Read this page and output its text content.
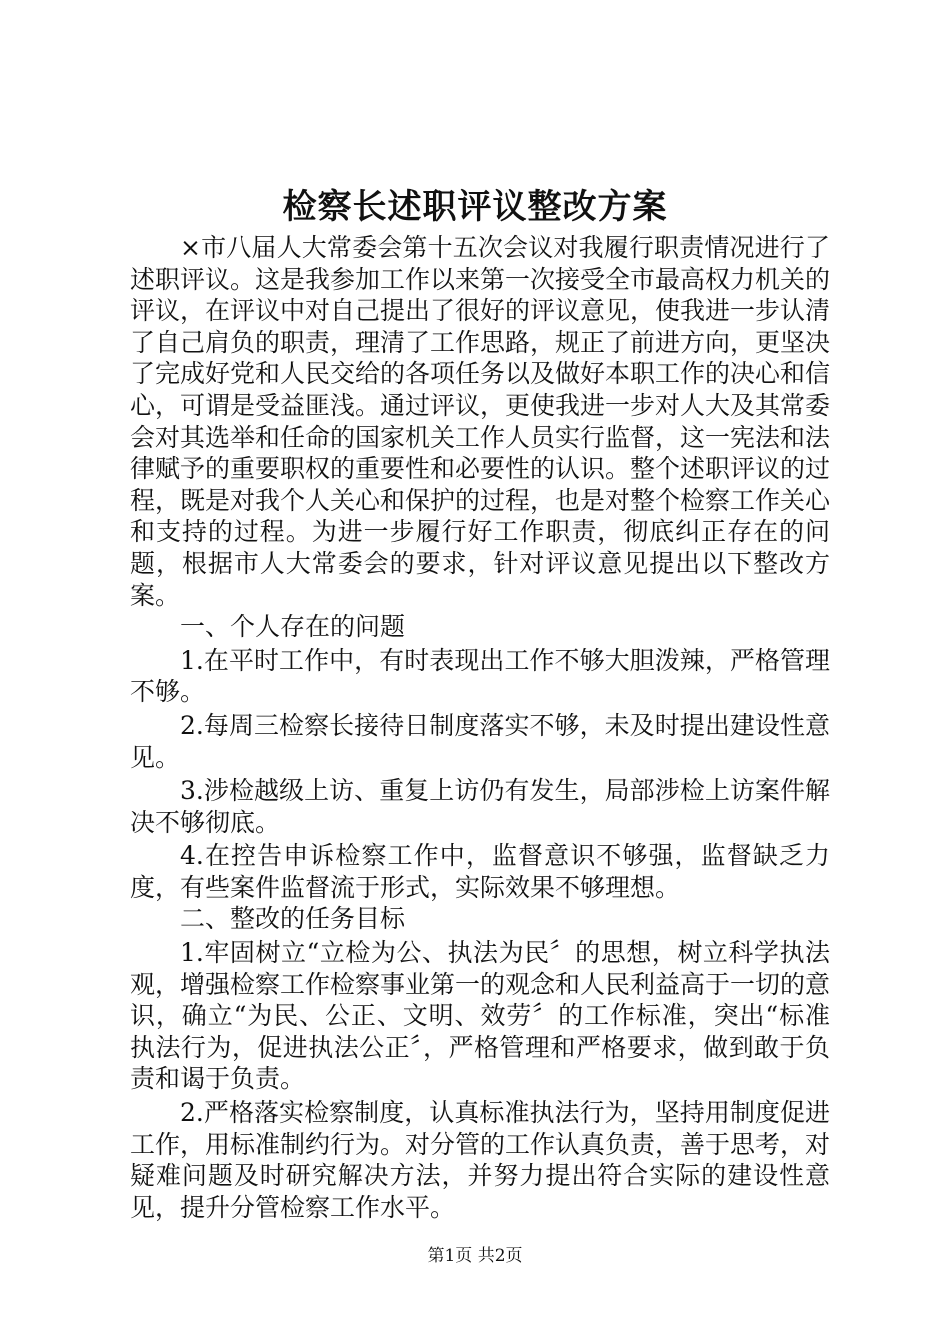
检察长述职评议整改方案

×市八届人大常委会第十五次会议对我履行职责情况进行了述职评议。这是我参加工作以来第一次接受全市最高权力机关的评议，在评议中对自己提出了很好的评议意见，使我进一步认清了自己肩负的职责，理清了工作思路，规正了前进方向，更坚决了完成好党和人民交给的各项任务以及做好本职工作的决心和信心，可谓是受益匪浅。通过评议，更使我进一步对人大及其常委会对其选举和任命的国家机关工作人员实行监督，这一宪法和法律赋予的重要职权的重要性和必要性的认识。整个述职评议的过程，既是对我个人关心和保护的过程，也是对整个检察工作关心和支持的过程。为进一步履行好工作职责，彻底纠正存在的问题，根据市人大常委会的要求，针对评议意见提出以下整改方案。

一、个人存在的问题

1.在平时工作中，有时表现出工作不够大胆泼辣，严格管理不够。

2.每周三检察长接待日制度落实不够，未及时提出建设性意见。

3.涉检越级上访、重复上访仍有发生，局部涉检上访案件解决不够彻底。

4.在控告申诉检察工作中，监督意识不够强，监督缺乏力度，有些案件监督流于形式，实际效果不够理想。

二、整改的任务目标

1.牢固树立“立检为公、执法为民〞的思想，树立科学执法观，增强检察工作检察事业第一的观念和人民利益高于一切的意识，确立“为民、公正、文明、效劳〞的工作标准，突出“标准执法行为，促进执法公正〞，严格管理和严格要求，做到敢于负责和谒于负责。

2.严格落实检察制度，认真标准执法行为，坚持用制度促进工作，用标准制约行为。对分管的工作认真负责，善于思考，对疑难问题及时研究解决方法，并努力提出符合实际的建设性意见，提升分管检察工作水平。

第1页 共2页
